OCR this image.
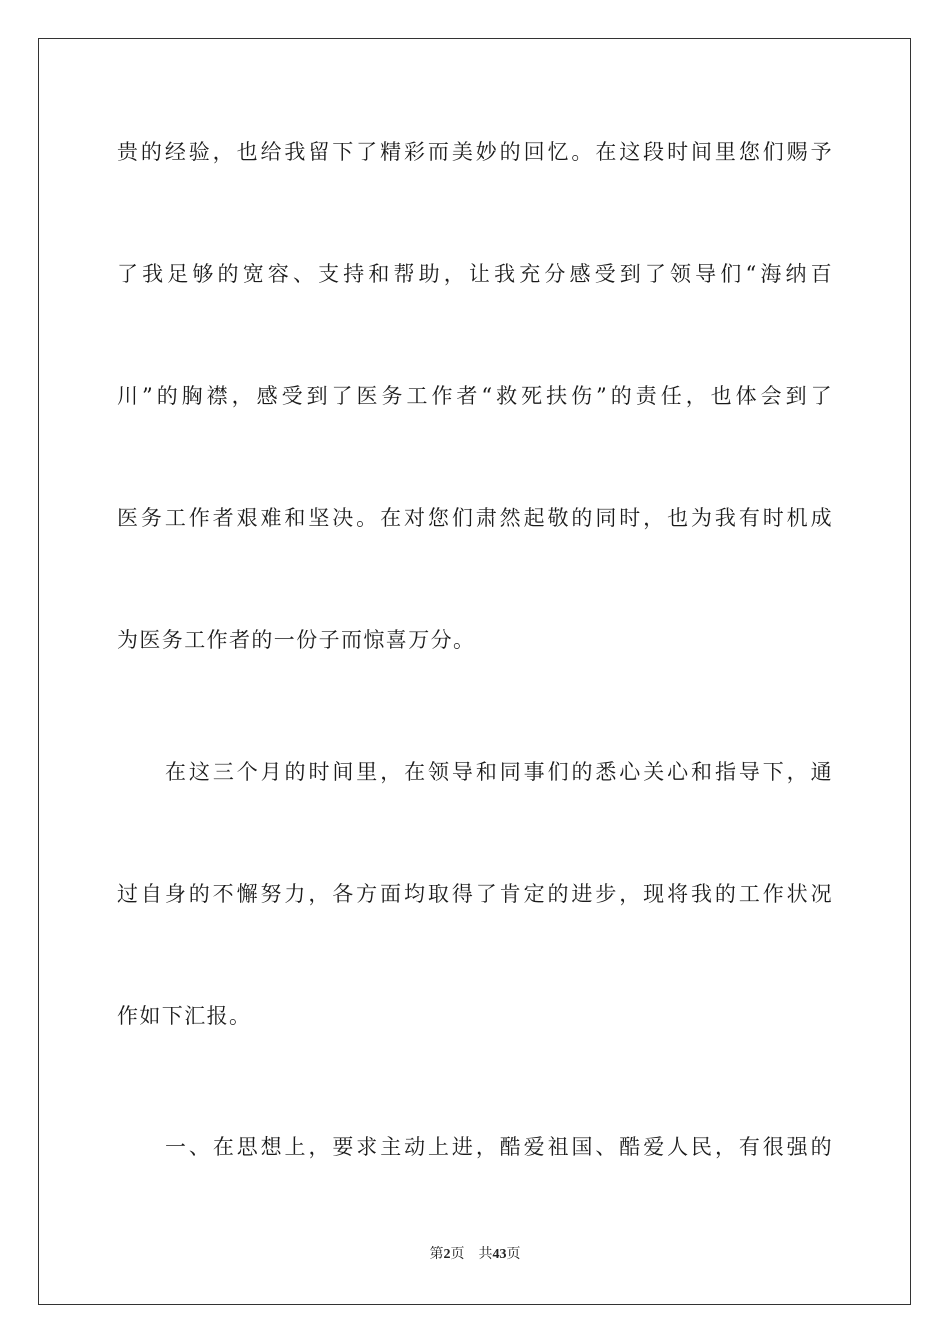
贵的经验，也给我留下了精彩而美妙的回忆。在这段时间里您们赐予
了我足够的宽容、支持和帮助，让我充分感受到了领导们“海纳百
川”的胸襟，感受到了医务工作者“救死扶伤”的责任，也体会到了
医务工作者艰难和坚决。在对您们肃然起敬的同时，也为我有时机成
为医务工作者的一份子而惊喜万分。
在这三个月的时间里，在领导和同事们的悉心关心和指导下，通
过自身的不懈努力，各方面均取得了肯定的进步，现将我的工作状况
作如下汇报。
一、在思想上，要求主动上进，酷爱祖国、酷爱人民，有很强的
第2页 共43页
